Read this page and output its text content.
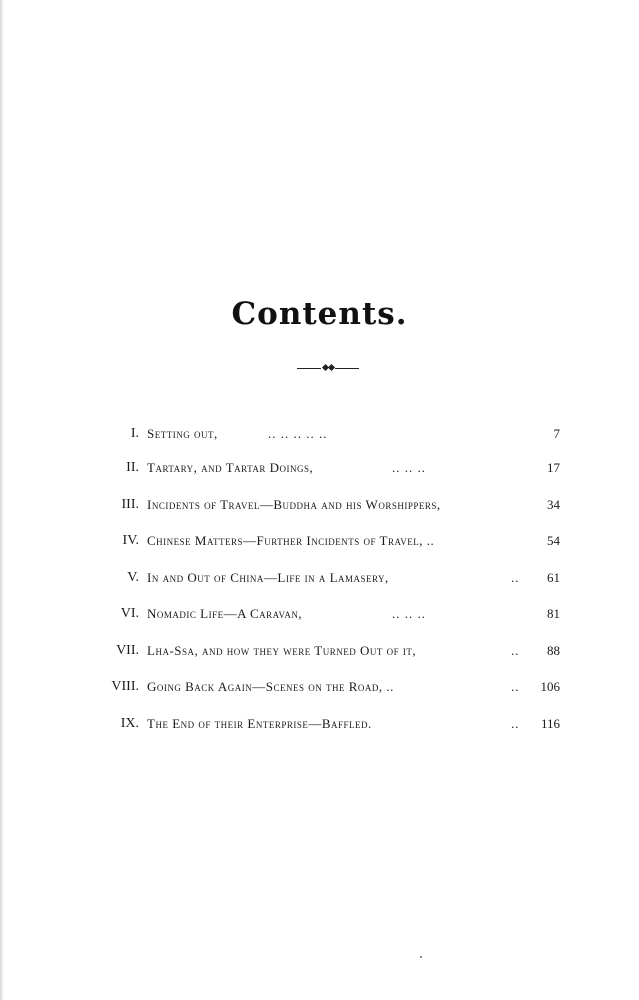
Contents.
I. Setting out,	.. .. .. .. ..	7
II. Tartary, and Tartar Doings,	.. .. ..	17
III. Incidents of Travel—Buddha and his Worshippers,	34
IV. Chinese Matters—Further Incidents of Travel, ..	54
V. In and Out of China—Life in a Lamasery,	..	61
VI. Nomadic Life—A Caravan,	.. .. ..	81
VII. Lha-Ssa, and how they were Turned Out of it,	..	88
VIII. Going Back Again—Scenes on the Road, ..	.. 106
IX. The End of their Enterprise—Baffled.	.. 116
